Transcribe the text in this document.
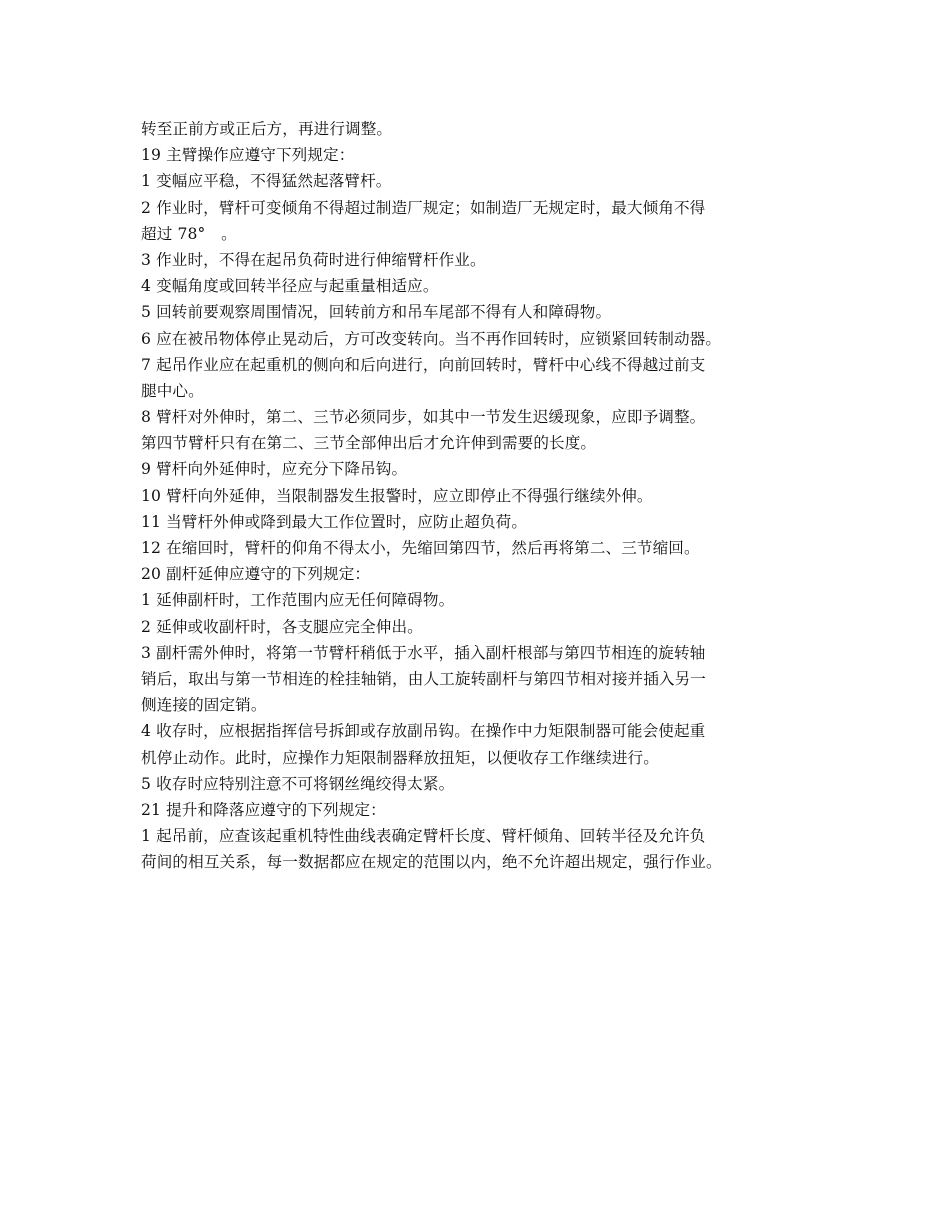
转至正前方或正后方，再进行调整。

19 主臂操作应遵守下列规定：

1 变幅应平稳，不得猛然起落臂杆。

2 作业时，臂杆可变倾角不得超过制造厂规定；如制造厂无规定时，最大倾角不得

超过 78°　。

3 作业时，不得在起吊负荷时进行伸缩臂杆作业。

4 变幅角度或回转半径应与起重量相适应。

5 回转前要观察周围情况，回转前方和吊车尾部不得有人和障碍物。

6 应在被吊物体停止晃动后，方可改变转向。当不再作回转时，应锁紧回转制动器。

7 起吊作业应在起重机的侧向和后向进行，向前回转时，臂杆中心线不得越过前支

腿中心。

8 臂杆对外伸时，第二、三节必须同步，如其中一节发生迟缓现象，应即予调整。

第四节臂杆只有在第二、三节全部伸出后才允许伸到需要的长度。

9 臂杆向外延伸时，应充分下降吊钩。

10 臂杆向外延伸，当限制器发生报警时，应立即停止不得强行继续外伸。

11 当臂杆外伸或降到最大工作位置时，应防止超负荷。

12 在缩回时，臂杆的仰角不得太小，先缩回第四节，然后再将第二、三节缩回。

20 副杆延伸应遵守的下列规定：

1 延伸副杆时，工作范围内应无任何障碍物。

2 延伸或收副杆时，各支腿应完全伸出。

3 副杆需外伸时，将第一节臂杆稍低于水平，插入副杆根部与第四节相连的旋转轴

销后，取出与第一节相连的栓挂轴销，由人工旋转副杆与第四节相对接并插入另一

侧连接的固定销。

4 收存时，应根据指挥信号拆卸或存放副吊钩。在操作中力矩限制器可能会使起重

机停止动作。此时，应操作力矩限制器释放扭矩，以便收存工作继续进行。

5 收存时应特别注意不可将钢丝绳绞得太紧。

21 提升和降落应遵守的下列规定：

1 起吊前，应查该起重机特性曲线表确定臂杆长度、臂杆倾角、回转半径及允许负

荷间的相互关系，每一数据都应在规定的范围以内，绝不允许超出规定，强行作业。
